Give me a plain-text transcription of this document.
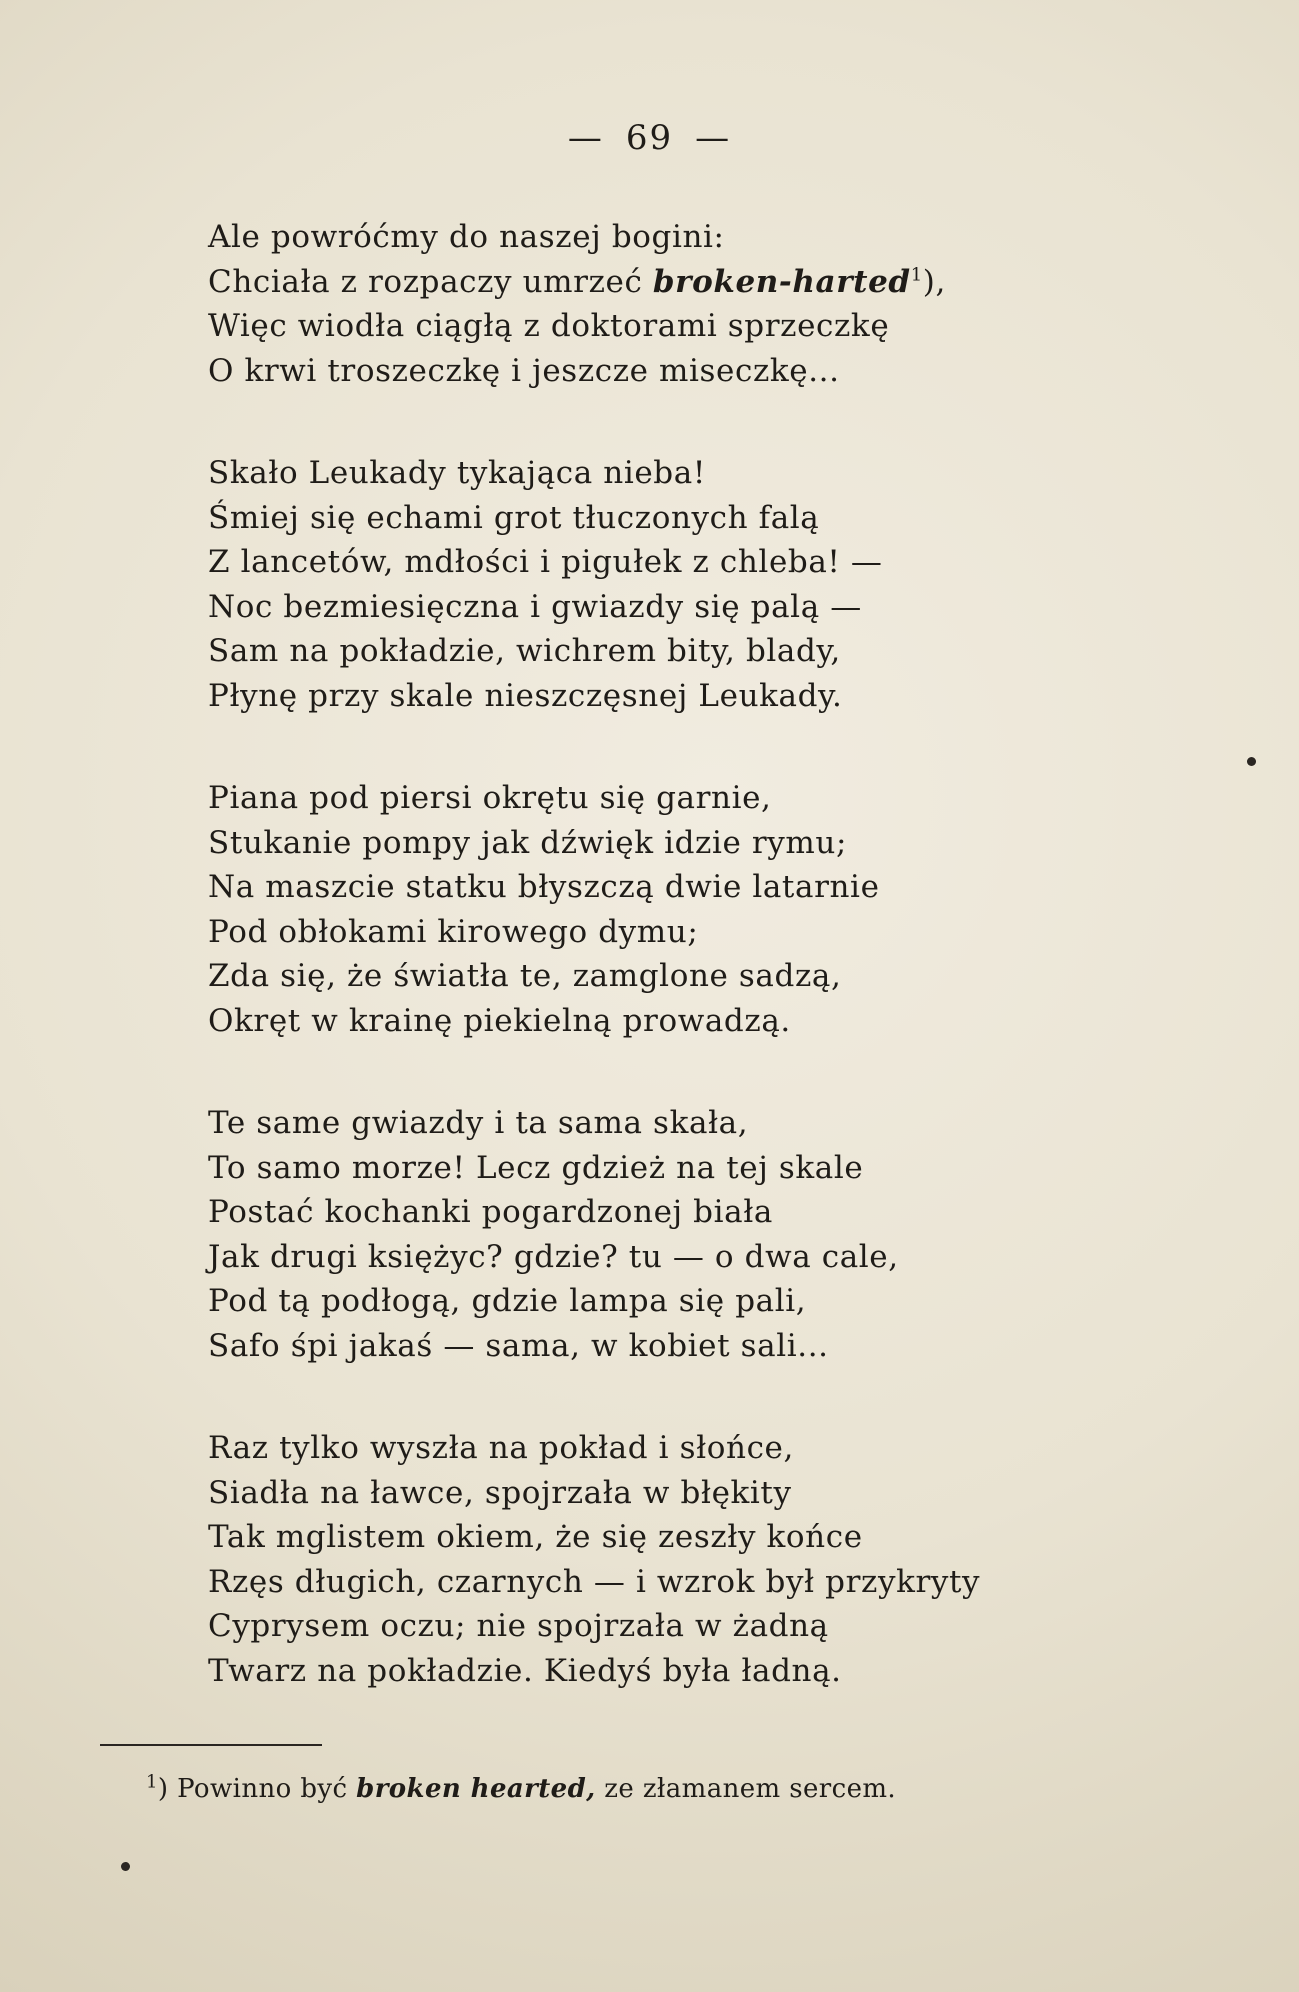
— 69 —
Ale powróćmy do naszej bogini:
Chciała z rozpaczy umrzeć broken-harted$^1$),
Więc wiodła ciągłą z doktorami sprzeczkę
O krwi troszeczkę i jeszcze miseczkę...
Skało Leukady tykająca nieba!
Śmiej się echami grot tłuczonych falą
Z lancetów, mdłości i pigułek z chleba! —
Noc bezmiesięczna i gwiazdy się palą —
Sam na pokładzie, wichrem bity, blady,
Płynę przy skale nieszczęsnej Leukady.
Piana pod piersi okrętu się garnie,
Stukanie pompy jak dźwięk idzie rymu;
Na maszcie statku błyszczą dwie latarnie
Pod obłokami kirowego dymu;
Zda się, że światła te, zamglone sadzą,
Okręt w krainę piekielną prowadzą.
Te same gwiazdy i ta sama skała,
To samo morze! Lecz gdzież na tej skale
Postać kochanki pogardzonej biała
Jak drugi księżyc? gdzie? tu — o dwa cale,
Pod tą podłogą, gdzie lampa się pali,
Safo śpi jakaś — sama, w kobiet sali...
Raz tylko wyszła na pokład i słońce,
Siadła na ławce, spojrzała w błękity
Tak mglistem okiem, że się zeszły końce
Rzęs długich, czarnych — i wzrok był przykryty
Cyprysem oczu; nie spojrzała w żadną
Twarz na pokładzie. Kiedyś była ładną.
$^1$) Powinno być broken hearted, ze złamanem sercem.
